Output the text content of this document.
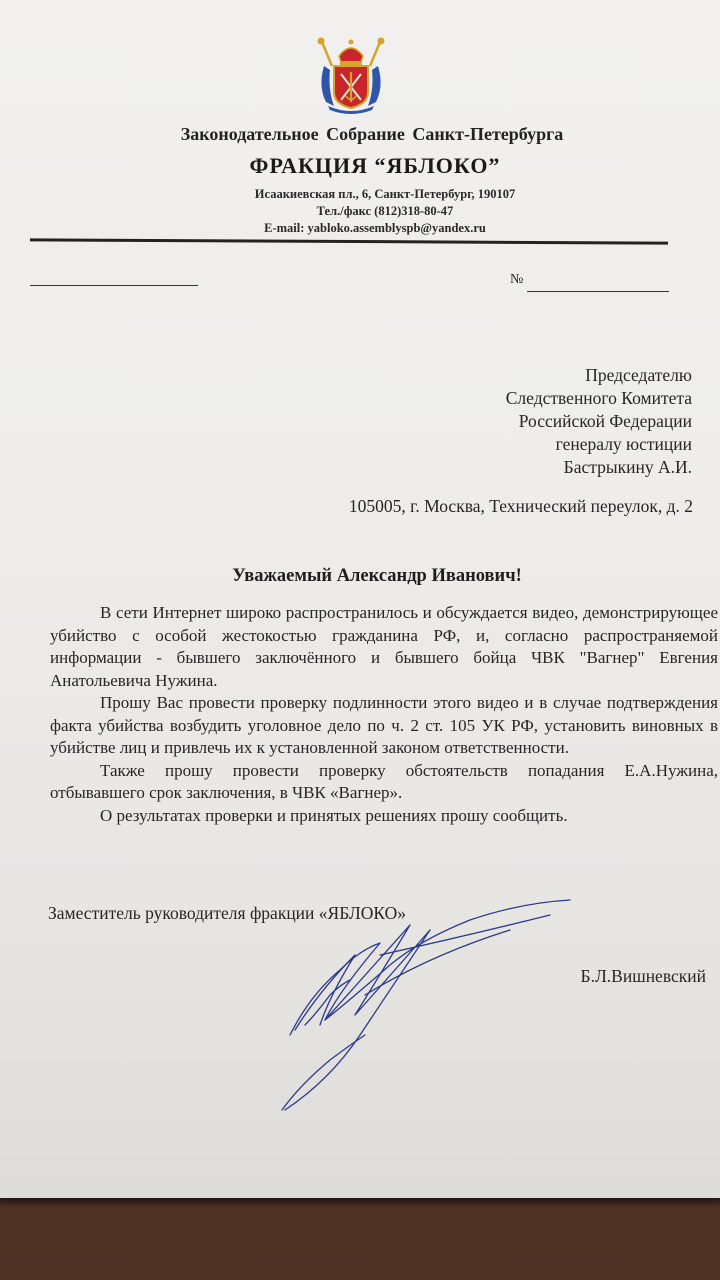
Законодательное Собрание Санкт-Петербурга
ФРАКЦИЯ “ЯБЛОКО”
Исаакиевская пл., 6, Санкт-Петербург, 190107
Тел./факс (812)318-80-47
E-mail: yabloko.assemblyspb@yandex.ru
№
Председателю
Следственного Комитета
Российской Федерации
генералу юстиции
Бастрыкину А.И.
105005, г. Москва, Технический переулок, д. 2
Уважаемый Александр Иванович!

В сети Интернет широко распространилось и обсуждается видео, демонстрирующее убийство с особой жестокостью гражданина РФ, и, согласно распространяемой информации - бывшего заключённого и бывшего бойца ЧВК "Вагнер" Евгения Анатольевича Нужина.

Прошу Вас провести проверку подлинности этого видео и в случае подтверждения факта убийства возбудить уголовное дело по ч. 2 ст. 105 УК РФ, установить виновных в убийстве лиц и привлечь их к установленной законом ответственности.

Также прошу провести проверку обстоятельств попадания Е.А.Нужина, отбывавшего срок заключения, в ЧВК «Вагнер».

О результатах проверки и принятых решениях прошу сообщить.

Заместитель руководителя фракции «ЯБЛОКО»
Б.Л.Вишневский
